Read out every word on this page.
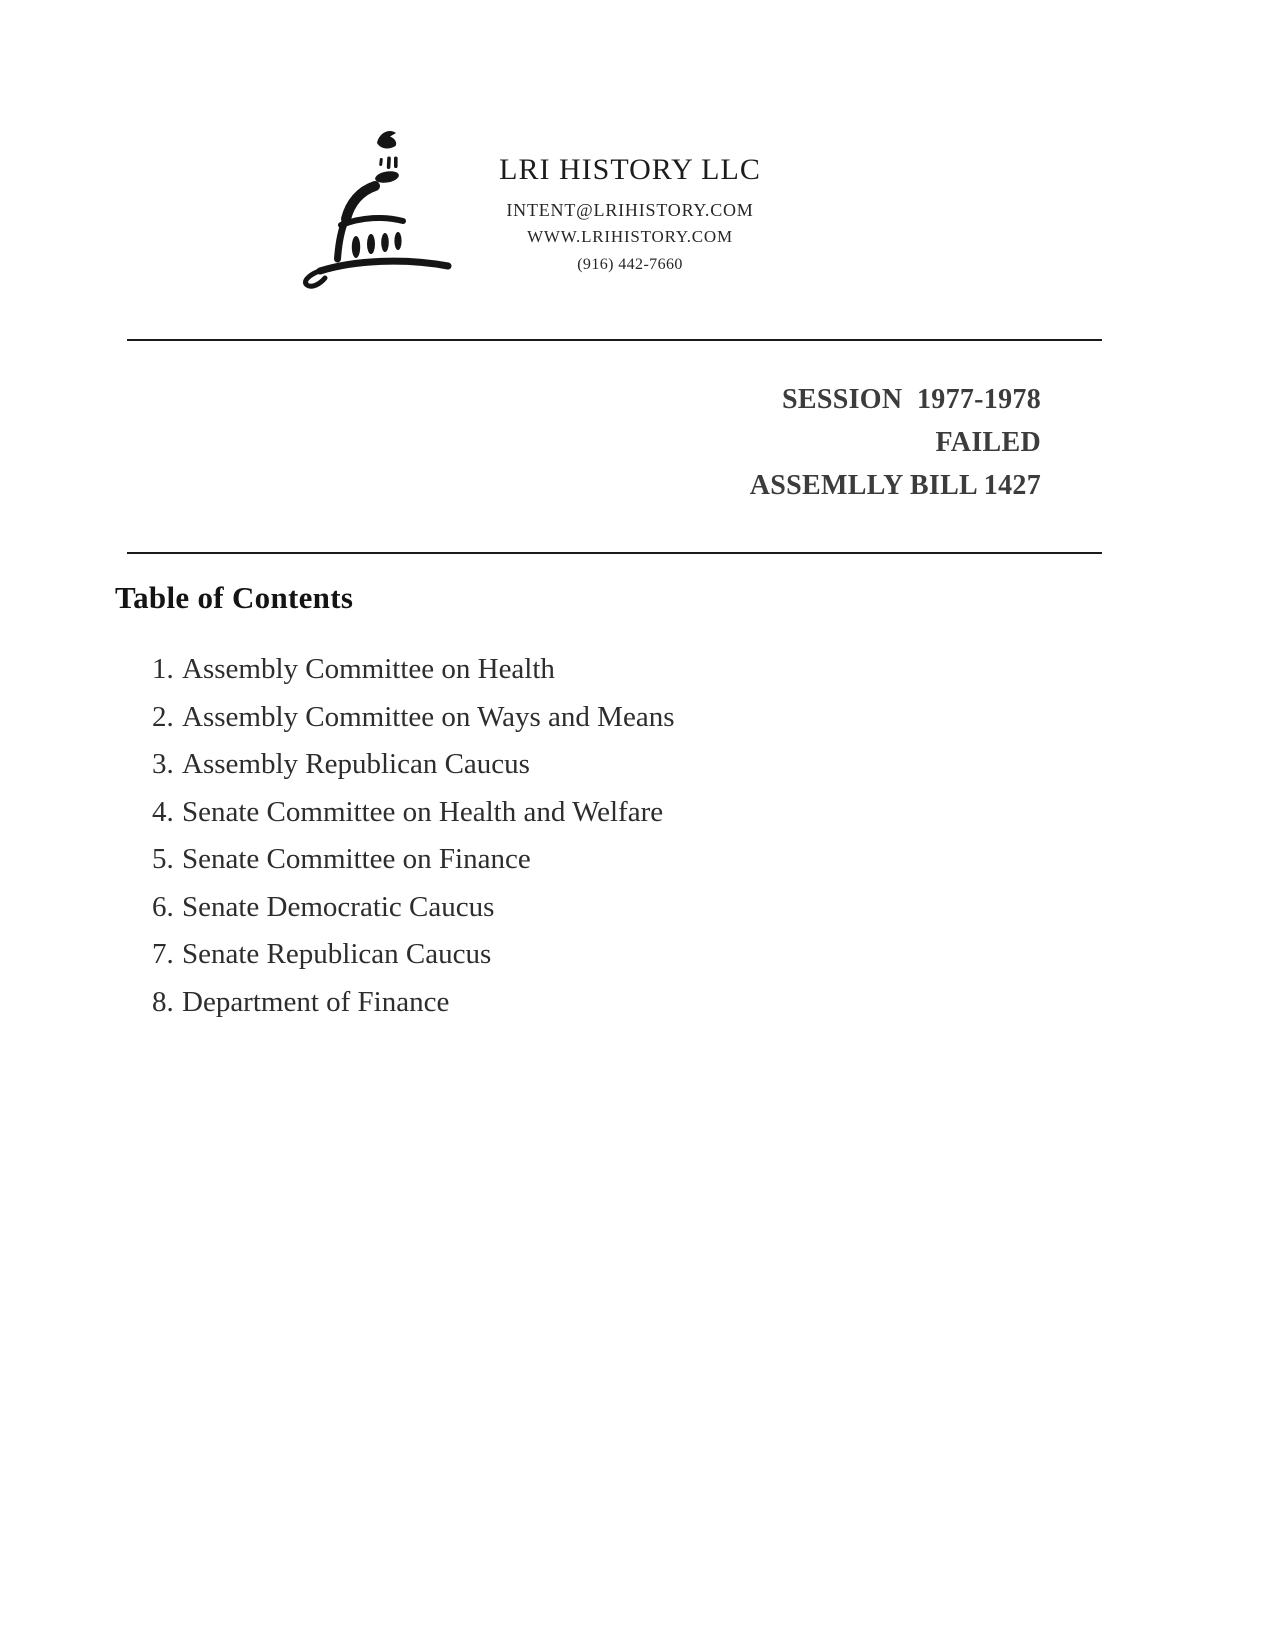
LRI HISTORY LLC
INTENT@LRIHISTORY.COM
WWW.LRIHISTORY.COM
(916) 442-7660
SESSION  1977-1978
FAILED
ASSEMLLY BILL 1427
Table of Contents
1. Assembly Committee on Health
2. Assembly Committee on Ways and Means
3. Assembly Republican Caucus
4. Senate Committee on Health and Welfare
5. Senate Committee on Finance
6. Senate Democratic Caucus
7. Senate Republican Caucus
8. Department of Finance
